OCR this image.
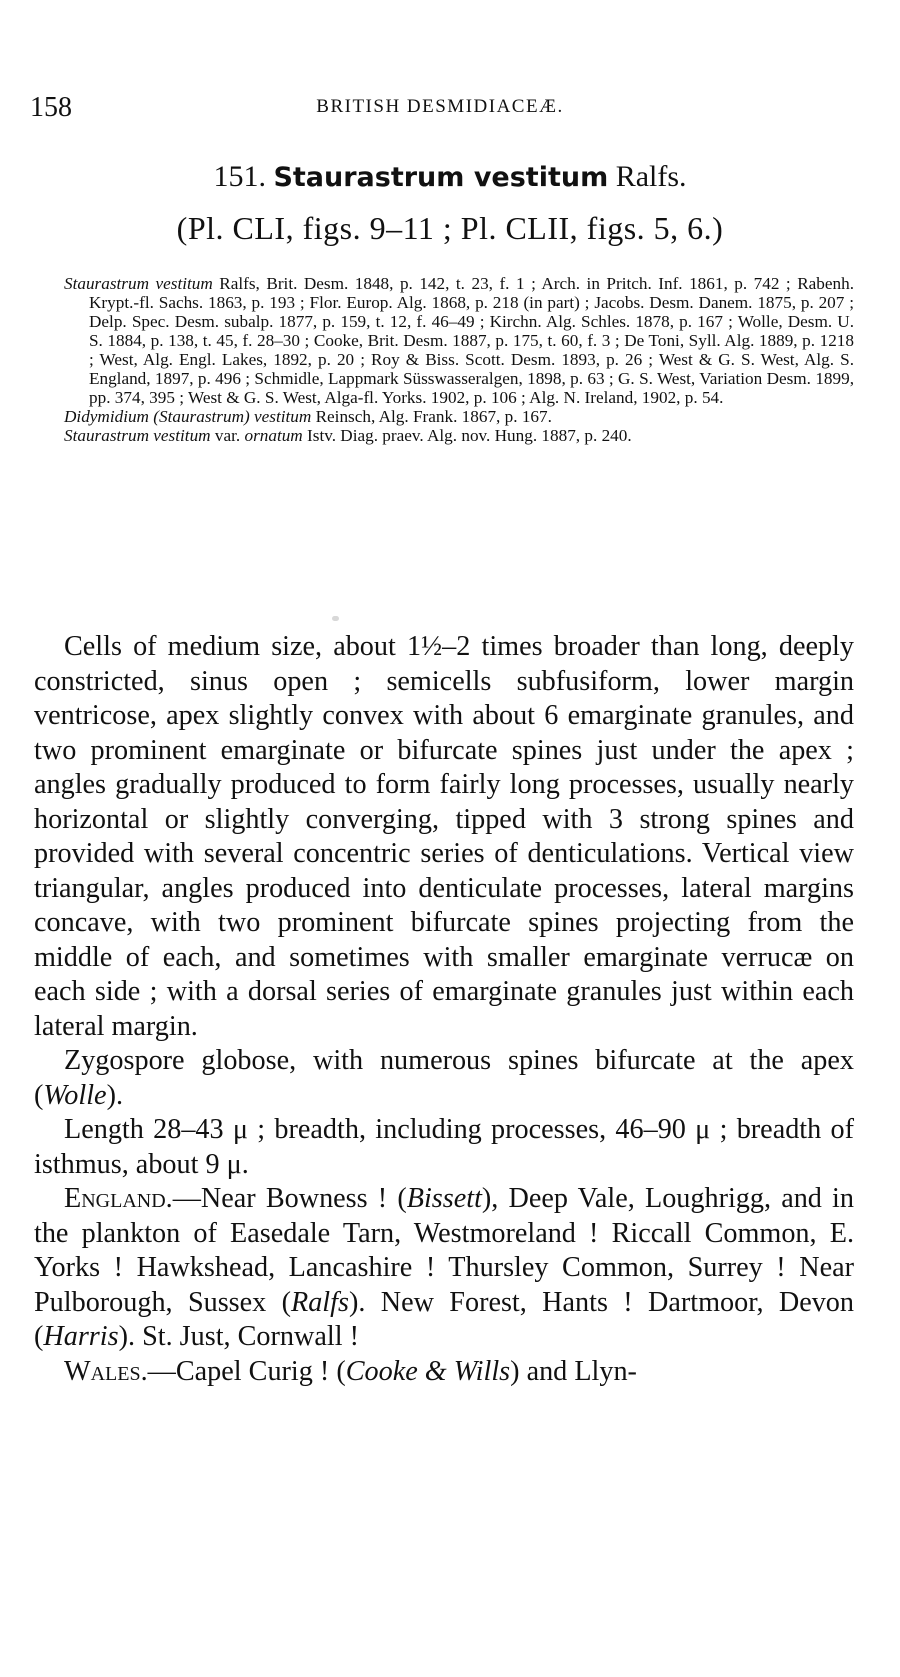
158	BRITISH DESMIDIACEÆ.
151. Staurastrum vestitum Ralfs.
(Pl. CLI, figs. 9–11 ; Pl. CLII, figs. 5, 6.)

Staurastrum vestitum Ralfs, Brit. Desm. 1848, p. 142, t. 23, f. 1 ; Arch. in Pritch. Inf. 1861, p. 742 ; Rabenh. Krypt.-fl. Sachs. 1863, p. 193 ; Flor. Europ. Alg. 1868, p. 218 (in part) ; Jacobs. Desm. Danem. 1875, p. 207 ; Delp. Spec. Desm. subalp. 1877, p. 159, t. 12, f. 46–49 ; Kirchn. Alg. Schles. 1878, p. 167 ; Wolle, Desm. U. S. 1884, p. 138, t. 45, f. 28–30 ; Cooke, Brit. Desm. 1887, p. 175, t. 60, f. 3 ; De Toni, Syll. Alg. 1889, p. 1218 ; West, Alg. Engl. Lakes, 1892, p. 20 ; Roy & Biss. Scott. Desm. 1893, p. 26 ; West & G. S. West, Alg. S. England, 1897, p. 496 ; Schmidle, Lappmark Süsswasseralgen, 1898, p. 63 ; G. S. West, Variation Desm. 1899, pp. 374, 395 ; West & G. S. West, Alga-fl. Yorks. 1902, p. 106 ; Alg. N. Ireland, 1902, p. 54.

Didymidium (Staurastrum) vestitum Reinsch, Alg. Frank. 1867, p. 167.

Staurastrum vestitum var. ornatum Istv. Diag. praev. Alg. nov. Hung. 1887, p. 240.

Cells of medium size, about 1½–2 times broader than long, deeply constricted, sinus open ; semicells subfusiform, lower margin ventricose, apex slightly convex with about 6 emarginate granules, and two prominent emarginate or bifurcate spines just under the apex ; angles gradually produced to form fairly long processes, usually nearly horizontal or slightly converging, tipped with 3 strong spines and provided with several concentric series of denticulations. Vertical view triangular, angles produced into denticulate processes, lateral margins concave, with two prominent bifurcate spines projecting from the middle of each, and sometimes with smaller emarginate verrucæ on each side ; with a dorsal series of emarginate granules just within each lateral margin.

Zygospore globose, with numerous spines bifurcate at the apex (Wolle).

Length 28–43 μ ; breadth, including processes, 46–90 μ ; breadth of isthmus, about 9 μ.

England.—Near Bowness ! (Bissett), Deep Vale, Loughrigg, and in the plankton of Easedale Tarn, Westmoreland ! Riccall Common, E. Yorks ! Hawkshead, Lancashire ! Thursley Common, Surrey ! Near Pulborough, Sussex (Ralfs). New Forest, Hants ! Dartmoor, Devon (Harris). St. Just, Cornwall !

Wales.—Capel Curig ! (Cooke & Wills) and Llyn-
